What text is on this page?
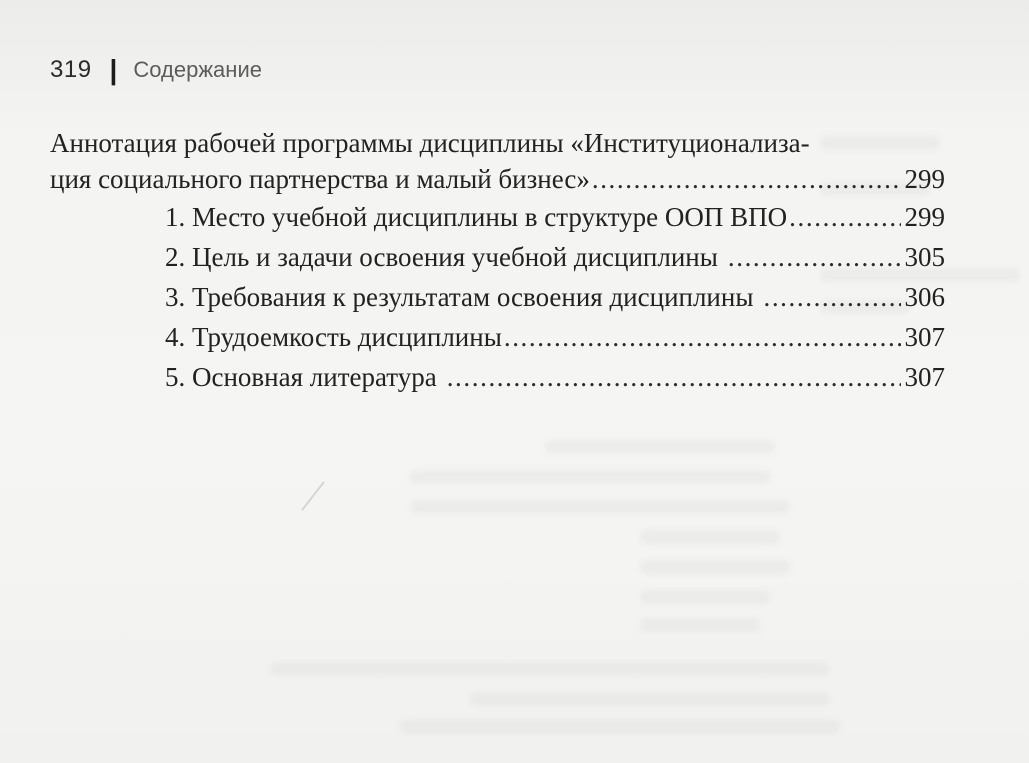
319 | Содержание
Аннотация рабочей программы дисциплины «Институционализа-
ция социального партнерства и малый бизнес» .....	299
1. Место учебной дисциплины в структуре ООП ВПО .....	299
2. Цель и задачи освоения учебной дисциплины .....	305
3. Требования к результатам освоения дисциплины .....	306
4. Трудоемкость дисциплины .....	307
5. Основная литература .....	307
